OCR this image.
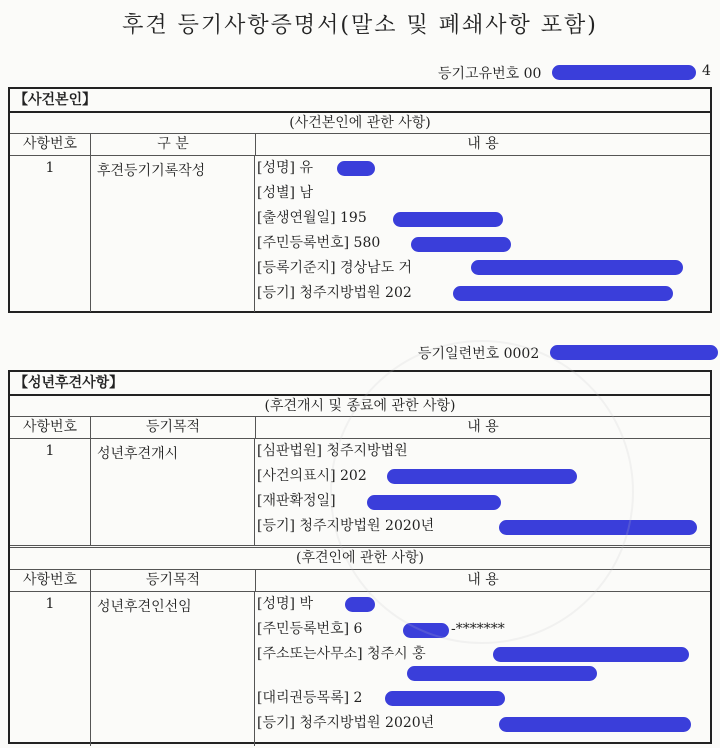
후견 등기사항증명서(말소 및 폐쇄사항 포함)
등기고유번호 00	4
등기일련번호 0002
【사건본인】
(사건본인에 관한 사항)
사항번호	구 분	내 용
1	후견등기기록작성	[성명] 유
[성별] 남
[출생연월일] 195
[주민등록번호] 580
[등록기준지] 경상남도 거
[등기] 청주지방법원 202
【성년후견사항】
(후견개시 및 종료에 관한 사항)
사항번호	등기목적	내 용
1	성년후견개시	[심판법원] 청주지방법원
[사건의표시] 202
[재판확정일]
[등기] 청주지방법원 2020년
(후견인에 관한 사항)
사항번호	등기목적	내 용
1	성년후견인선임	[성명] 박
[주민등록번호] 6	-*******
[주소또는사무소] 청주시 홍
[대리권등목록] 2
[등기] 청주지방법원 2020년
